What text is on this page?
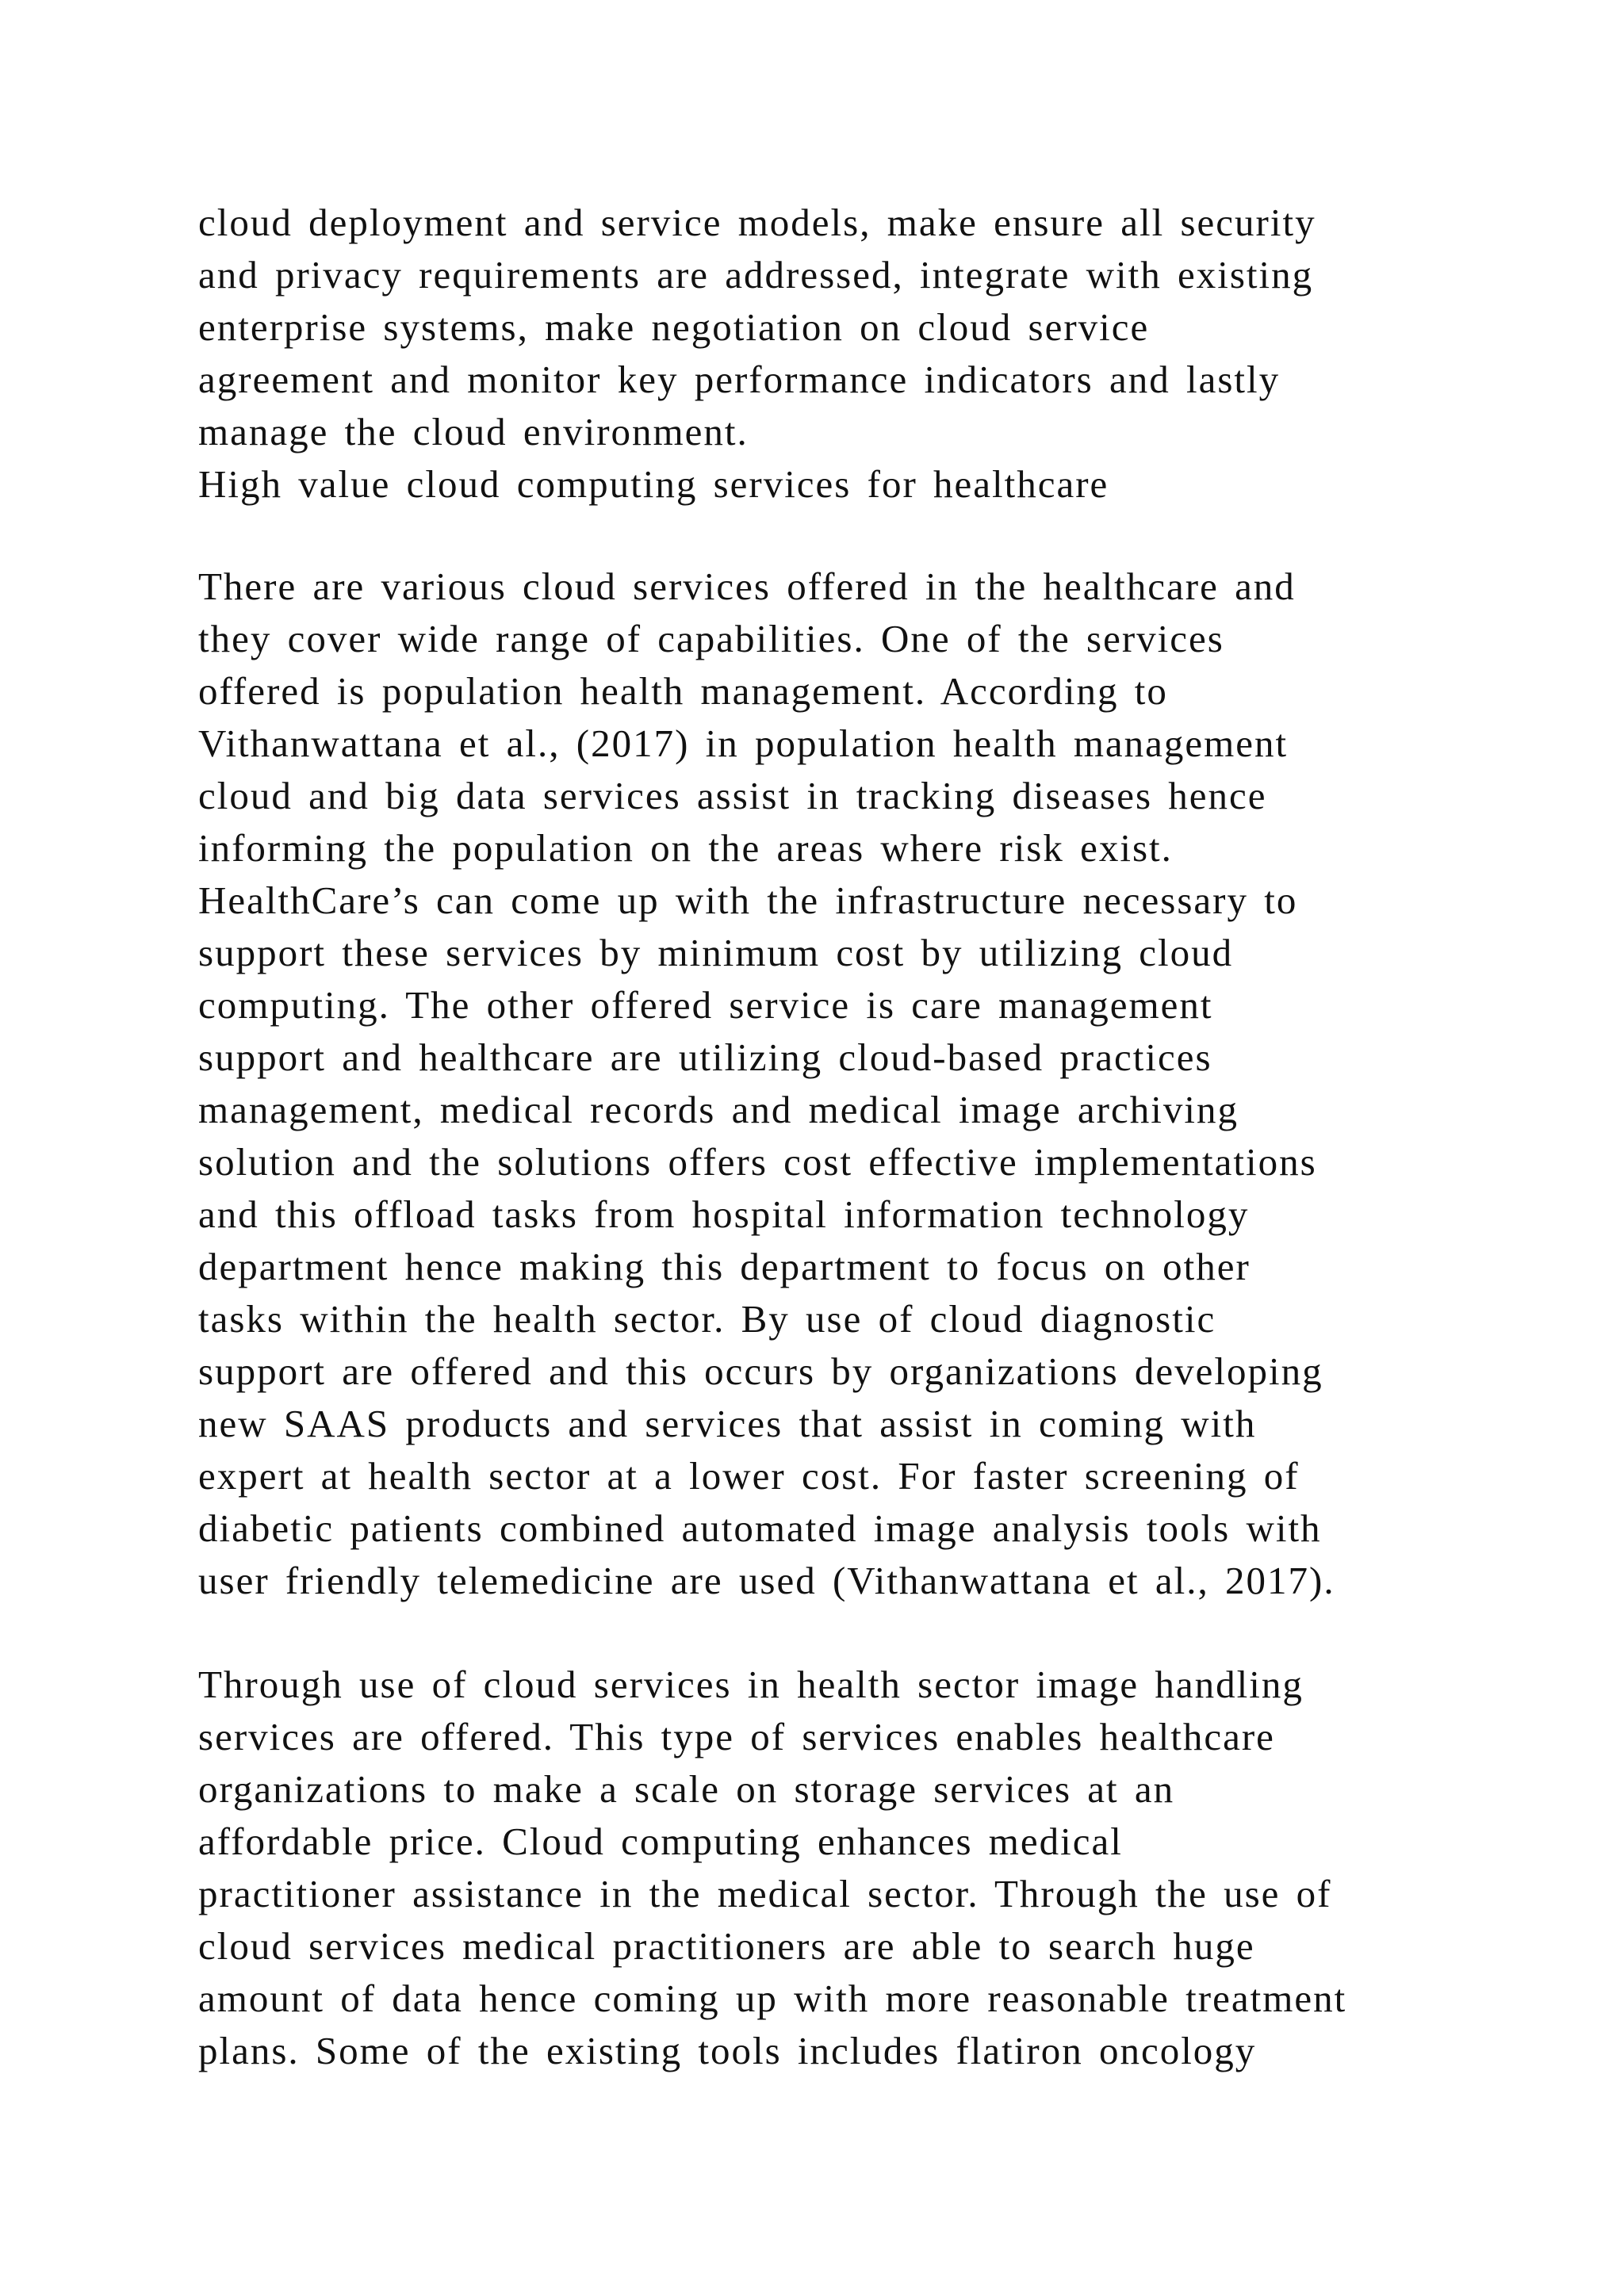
cloud deployment and service models, make ensure all security
and privacy requirements are addressed, integrate with existing
enterprise systems, make negotiation on cloud service
agreement and monitor key performance indicators and lastly
manage the cloud environment.
High value cloud computing services for healthcare
There are various cloud services offered in the healthcare and
they cover wide range of capabilities. One of the services
offered is population health management. According to
Vithanwattana et al., (2017) in population health management
cloud and big data services assist in tracking diseases hence
informing the population on the areas where risk exist.
HealthCare’s can come up with the infrastructure necessary to
support these services by minimum cost by utilizing cloud
computing. The other offered service is care management
support and healthcare are utilizing cloud-based practices
management, medical records and medical image archiving
solution and the solutions offers cost effective implementations
and this offload tasks from hospital information technology
department hence making this department to focus on other
tasks within the health sector. By use of cloud diagnostic
support are offered and this occurs by organizations developing
new SAAS products and services that assist in coming with
expert at health sector at a lower cost. For faster screening of
diabetic patients combined automated image analysis tools with
user friendly telemedicine are used (Vithanwattana et al., 2017).
Through use of cloud services in health sector image handling
services are offered. This type of services enables healthcare
organizations to make a scale on storage services at an
affordable price. Cloud computing enhances medical
practitioner assistance in the medical sector. Through the use of
cloud services medical practitioners are able to search huge
amount of data hence coming up with more reasonable treatment
plans. Some of the existing tools includes flatiron oncology
